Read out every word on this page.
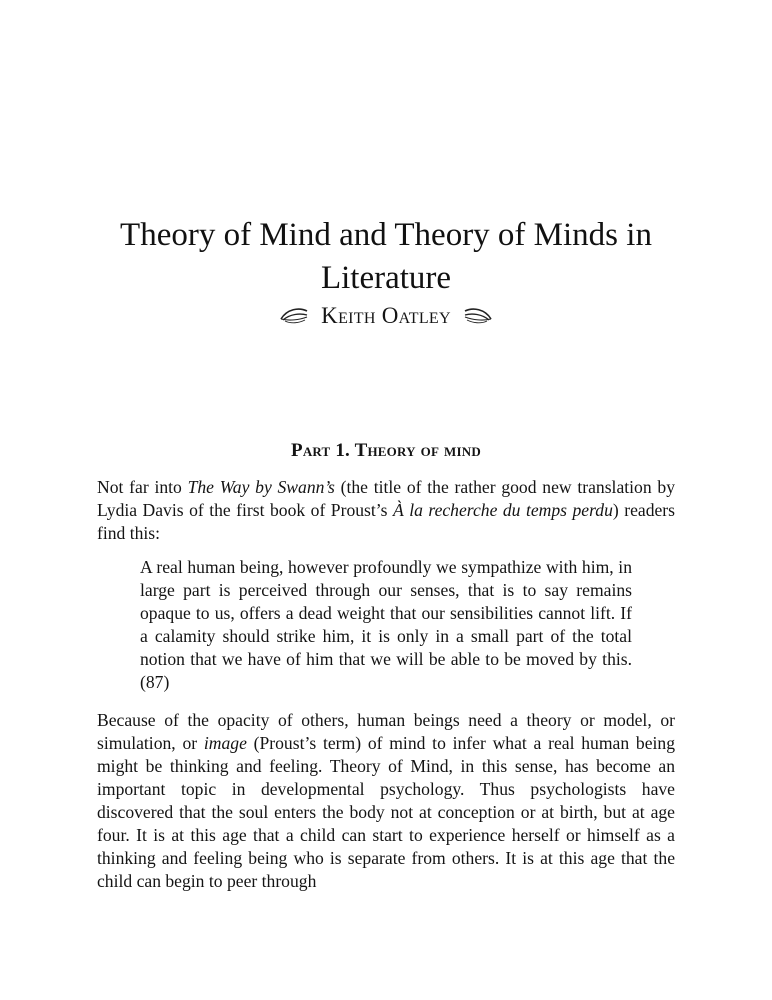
Theory of Mind and Theory of Minds in Literature
Keith Oatley
Part 1. Theory of mind

Not far into The Way by Swann’s (the title of the rather good new translation by Lydia Davis of the first book of Proust’s À la recherche du temps perdu) readers find this:

A real human being, however profoundly we sympathize with him, in large part is perceived through our senses, that is to say remains opaque to us, offers a dead weight that our sensibilities cannot lift. If a calamity should strike him, it is only in a small part of the total notion that we have of him that we will be able to be moved by this. (87)

Because of the opacity of others, human beings need a theory or model, or simulation, or image (Proust’s term) of mind to infer what a real human being might be thinking and feeling. Theory of Mind, in this sense, has become an important topic in developmental psychology. Thus psychologists have discovered that the soul enters the body not at conception or at birth, but at age four. It is at this age that a child can start to experience herself or himself as a thinking and feeling being who is separate from others. It is at this age that the child can begin to peer through
